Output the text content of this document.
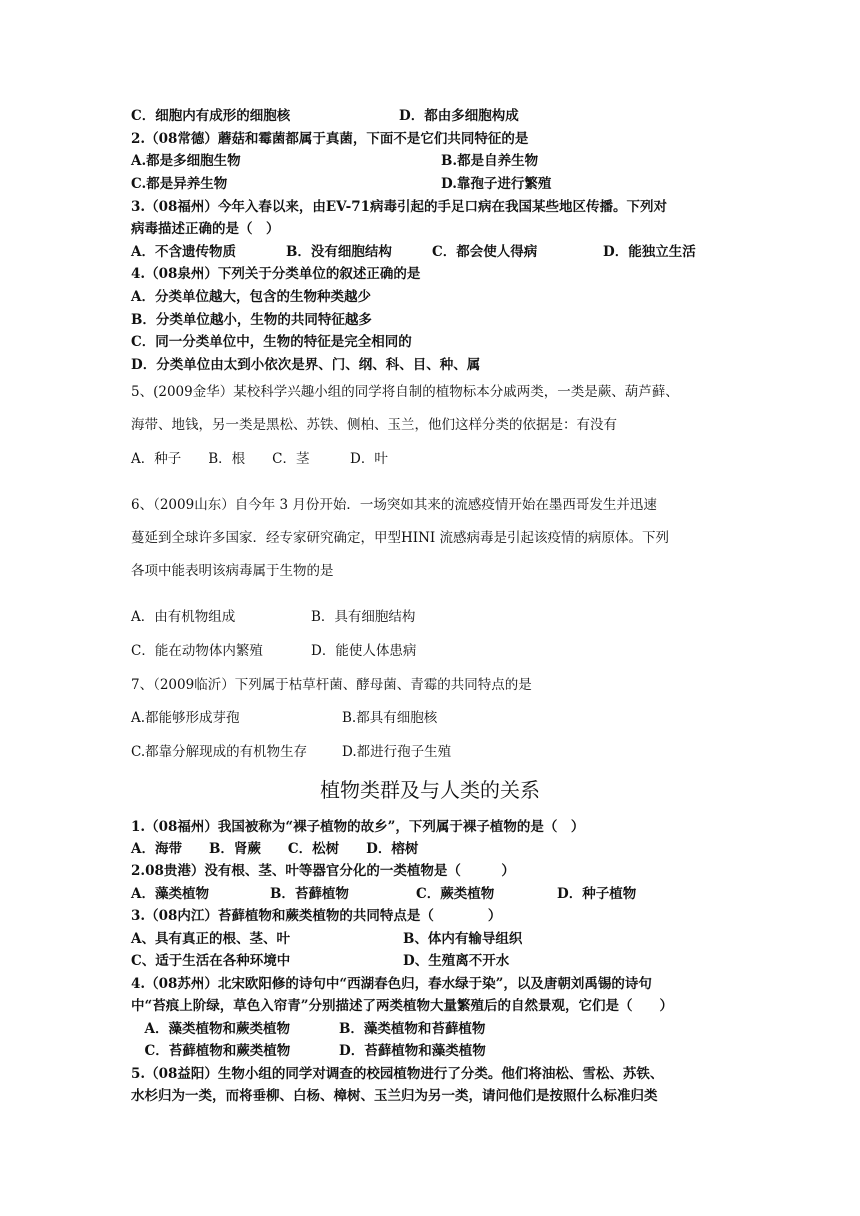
C．细胞内有成形的细胞核	D．都由多细胞构成
2.（08常德）蘑菇和霉菌都属于真菌，下面不是它们共同特征的是
A.都是多细胞生物	B.都是自养生物
C.都是异养生物	D.靠孢子进行繁殖
3.（08福州）今年入春以来，由EV-71病毒引起的手足口病在我国某些地区传播。下列对
病毒描述正确的是（　）
A．不含遗传物质	B．没有细胞结构	C．都会使人得病	D．能独立生活
4.（08泉州）下列关于分类单位的叙述正确的是
A．分类单位越大，包含的生物种类越少
B．分类单位越小，生物的共同特征越多
C．同一分类单位中，生物的特征是完全相同的
D．分类单位由太到小依次是界、门、纲、科、目、种、属
5、(2009金华）某校科学兴趣小组的同学将自制的植物标本分戚两类，一类是蕨、葫芦藓、
海带、地钱，另一类是黑松、苏铁、侧柏、玉兰，他们这样分类的依据是：有没有
A．种子　　B．根　　C．茎　　　D．叶
6、（2009山东）自今年 3 月份开始．一场突如其来的流感疫情开始在墨西哥发生并迅速
蔓延到全球许多国家．经专家研究确定，甲型HINI 流感病毒是引起该疫情的病原体。下列
各项中能表明该病毒属于生物的是
A．由有机物组成	B．具有细胞结构
C．能在动物体内繁殖	D．能使人体患病
7、（2009临沂）下列属于枯草杆菌、酵母菌、青霉的共同特点的是
A.都能够形成芽孢	B.都具有细胞核
C.都靠分解现成的有机物生存	D.都进行孢子生殖
植物类群及与人类的关系
1.（08福州）我国被称为“裸子植物的故乡”，下列属于裸子植物的是（　）
A．海带　　B．肾蕨　　C．松树　　D．榕树
2.08贵港）没有根、茎、叶等器官分化的一类植物是（　　　）
A．藻类植物	B．苔藓植物	C．蕨类植物	D．种子植物
3.（08内江）苔藓植物和蕨类植物的共同特点是（　　　　）
A、具有真正的根、茎、叶	B、体内有输导组织
C、适于生活在各种环境中	D、生殖离不开水
4.（08苏州）北宋欧阳修的诗句中“西湖春色归，春水绿于染”，以及唐朝刘禹锡的诗句
中“苔痕上阶绿，草色入帘青”分别描述了两类植物大量繁殖后的自然景观，它们是（　　）
　A．藻类植物和蕨类植物	B．藻类植物和苔藓植物
　C．苔藓植物和蕨类植物	D．苔藓植物和藻类植物
5.（08益阳）生物小组的同学对调查的校园植物进行了分类。他们将油松、雪松、苏铁、
水杉归为一类，而将垂柳、白杨、樟树、玉兰归为另一类，请问他们是按照什么标准归类
